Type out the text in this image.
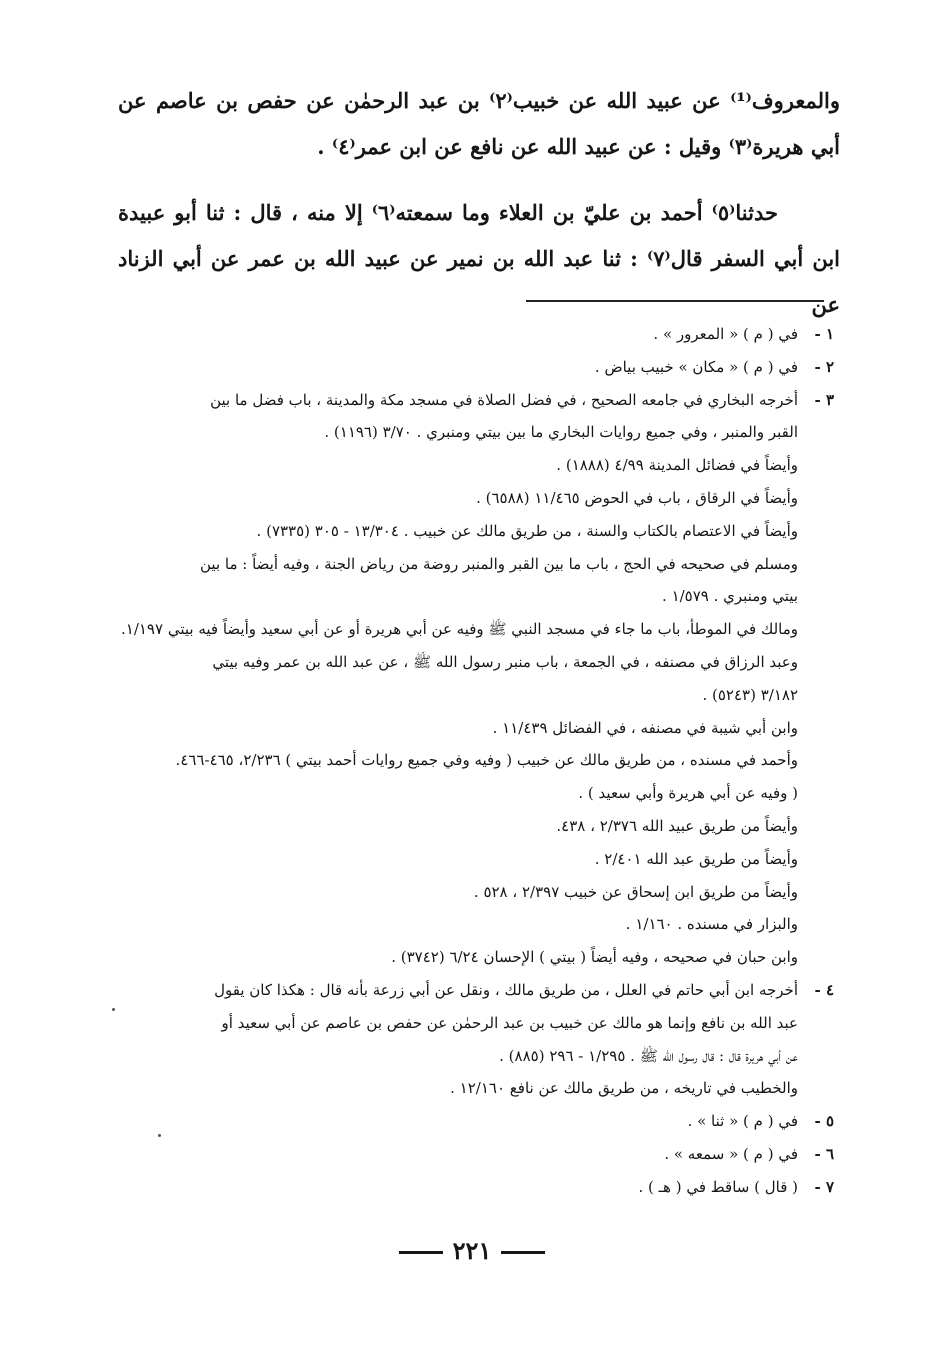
والمعروف⁽¹⁾ عن عبيد الله عن خبيب⁽٢⁾ بن عبد الرحمٰن عن حفص بن عاصم عن أبي هريرة⁽٣⁾ وقيل : عن عبيد الله عن نافع عن ابن عمر⁽٤⁾ .

حدثنا⁽٥⁾ أحمد بن عليّ بن العلاء وما سمعته⁽٦⁾ إلا منه ، قال : ثنا أبو عبيدة ابن أبي السفر قال⁽٧⁾ : ثنا عبد الله بن نمير عن عبيد الله بن عمر عن أبي الزناد عن

١ -في ( م ) « المعرور » .
٢ -في ( م ) « مكان » خبيب بياض .
٣ -أخرجه البخاري في جامعه الصحيح ، في فضل الصلاة في مسجد مكة والمدينة ، باب فضل ما بين
القبر والمنبر ، وفي جميع روايات البخاري ما بين بيتي ومنبري . ٣/٧٠ (١١٩٦) .
وأيضاً في فضائل المدينة ٤/٩٩ (١٨٨٨) .
وأيضاً في الرقاق ، باب في الحوض ١١/٤٦٥ (٦٥٨٨) .
وأيضاً في الاعتصام بالكتاب والسنة ، من طريق مالك عن خبيب . ١٣/٣٠٤ - ٣٠٥ (٧٣٣٥) .
ومسلم في صحيحه في الحج ، باب ما بين القبر والمنبر روضة من رياض الجنة ، وفيه أيضاً : ما بين
بيتي ومنبري . ١/٥٧٩ .
ومالك في الموطأ، باب ما جاء في مسجد النبي ﷺ وفيه عن أبي هريرة أو عن أبي سعيد وأيضاً فيه بيتي ١/١٩٧.
وعبد الرزاق في مصنفه ، في الجمعة ، باب منبر رسول الله ﷺ ، عن عبد الله بن عمر وفيه بيتي
٣/١٨٢ (٥٢٤٣) .
وابن أبي شيبة في مصنفه ، في الفضائل ١١/٤٣٩ .
وأحمد في مسنده ، من طريق مالك عن خبيب ( وفيه وفي جميع روايات أحمد بيتي ) ٢/٢٣٦، ٤٦٥-٤٦٦.
( وفيه عن أبي هريرة وأبي سعيد ) .
وأيضاً من طريق عبيد الله ٢/٣٧٦ ، ٤٣٨.
وأيضاً من طريق عبد الله ٢/٤٠١ .
وأيضاً من طريق ابن إسحاق عن خبيب ٢/٣٩٧ ، ٥٢٨ .
والبزار في مسنده . ١/١٦٠ .
وابن حبان في صحيحه ، وفيه أيضاً ( بيتي ) الإحسان ٦/٢٤ (٣٧٤٢) .
٤ -أخرجه ابن أبي حاتم في العلل ، من طريق مالك ، ونقل عن أبي زرعة بأنه قال : هكذا كان يقول
عبد الله بن نافع وإنما هو مالك عن خبيب بن عبد الرحمٰن عن حفص بن عاصم عن أبي سعيد أو
عن أبي هريرة قال : قال رسول الله ﷺ . ١/٢٩٥ - ٢٩٦ (٨٨٥) .
والخطيب في تاريخه ، من طريق مالك عن نافع ١٢/١٦٠ .
٥ -في ( م ) « ثنا » .
٦ -في ( م ) « سمعه » .
٧ -( قال ) ساقط في ( هـ ) .
٢٢١
